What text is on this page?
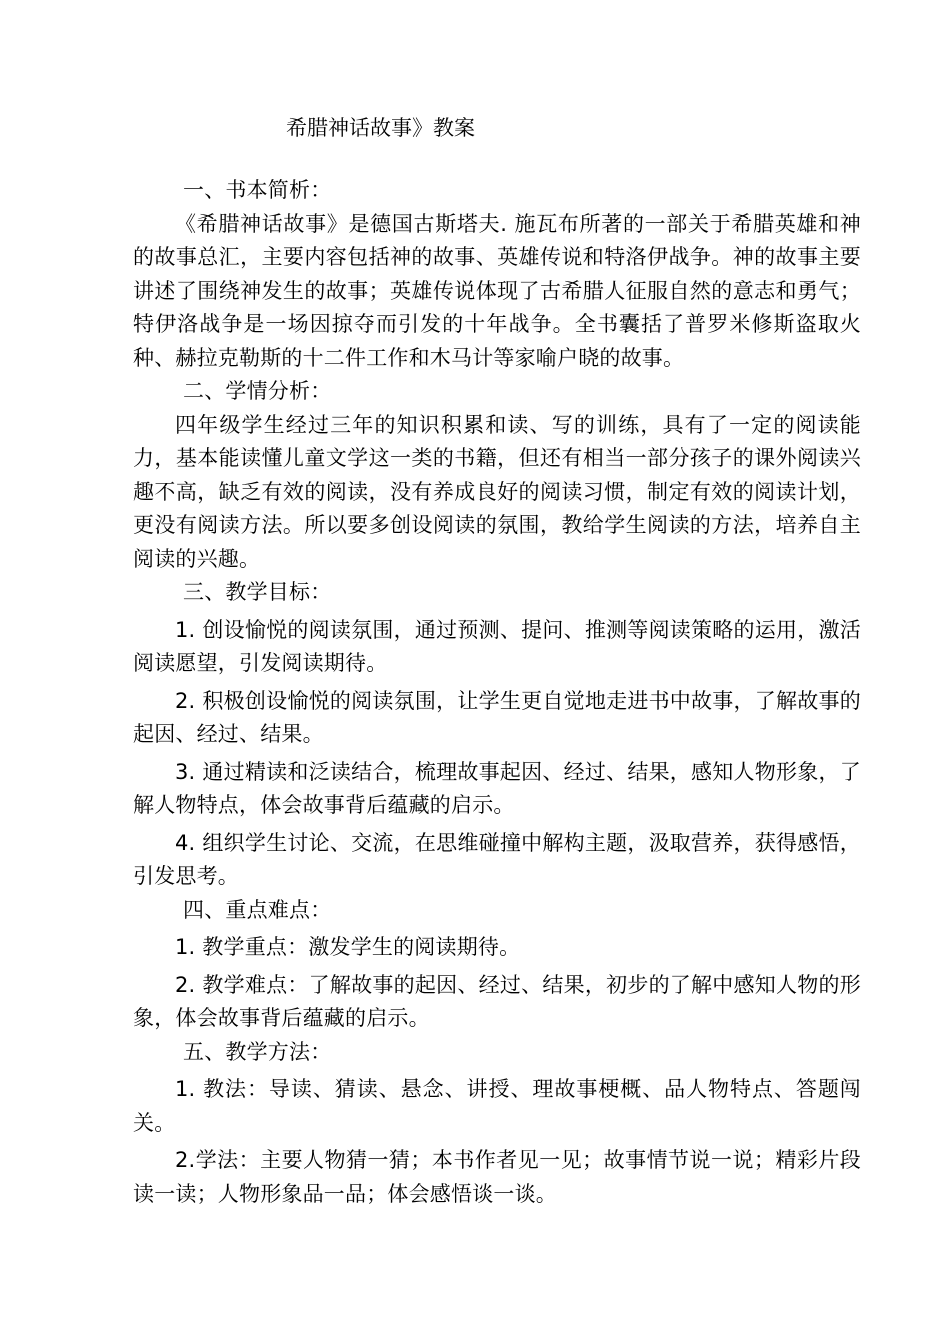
希腊神话故事》教案

一、书本简析：

《希腊神话故事》是德国古斯塔夫. 施瓦布所著的一部关于希腊英雄和神的故事总汇，主要内容包括神的故事、英雄传说和特洛伊战争。神的故事主要讲述了围绕神发生的故事；英雄传说体现了古希腊人征服自然的意志和勇气；特伊洛战争是一场因掠夺而引发的十年战争。全书囊括了普罗米修斯盗取火种、赫拉克勒斯的十二件工作和木马计等家喻户晓的故事。

二、学情分析：

四年级学生经过三年的知识积累和读、写的训练，具有了一定的阅读能力，基本能读懂儿童文学这一类的书籍，但还有相当一部分孩子的课外阅读兴趣不高，缺乏有效的阅读，没有养成良好的阅读习惯，制定有效的阅读计划，更没有阅读方法。所以要多创设阅读的氛围，教给学生阅读的方法，培养自主阅读的兴趣。

三、教学目标：

1. 创设愉悦的阅读氛围，通过预测、提问、推测等阅读策略的运用，激活阅读愿望，引发阅读期待。

2. 积极创设愉悦的阅读氛围，让学生更自觉地走进书中故事，了解故事的起因、经过、结果。

3. 通过精读和泛读结合，梳理故事起因、经过、结果，感知人物形象，了解人物特点，体会故事背后蕴藏的启示。

4. 组织学生讨论、交流，在思维碰撞中解构主题，汲取营养，获得感悟，引发思考。

四、重点难点：

1. 教学重点：激发学生的阅读期待。

2. 教学难点：了解故事的起因、经过、结果，初步的了解中感知人物的形象，体会故事背后蕴藏的启示。

五、教学方法：

1. 教法：导读、猜读、悬念、讲授、理故事梗概、品人物特点、答题闯关。

2.学法：主要人物猜一猜；本书作者见一见；故事情节说一说；精彩片段读一读；人物形象品一品；体会感悟谈一谈。
